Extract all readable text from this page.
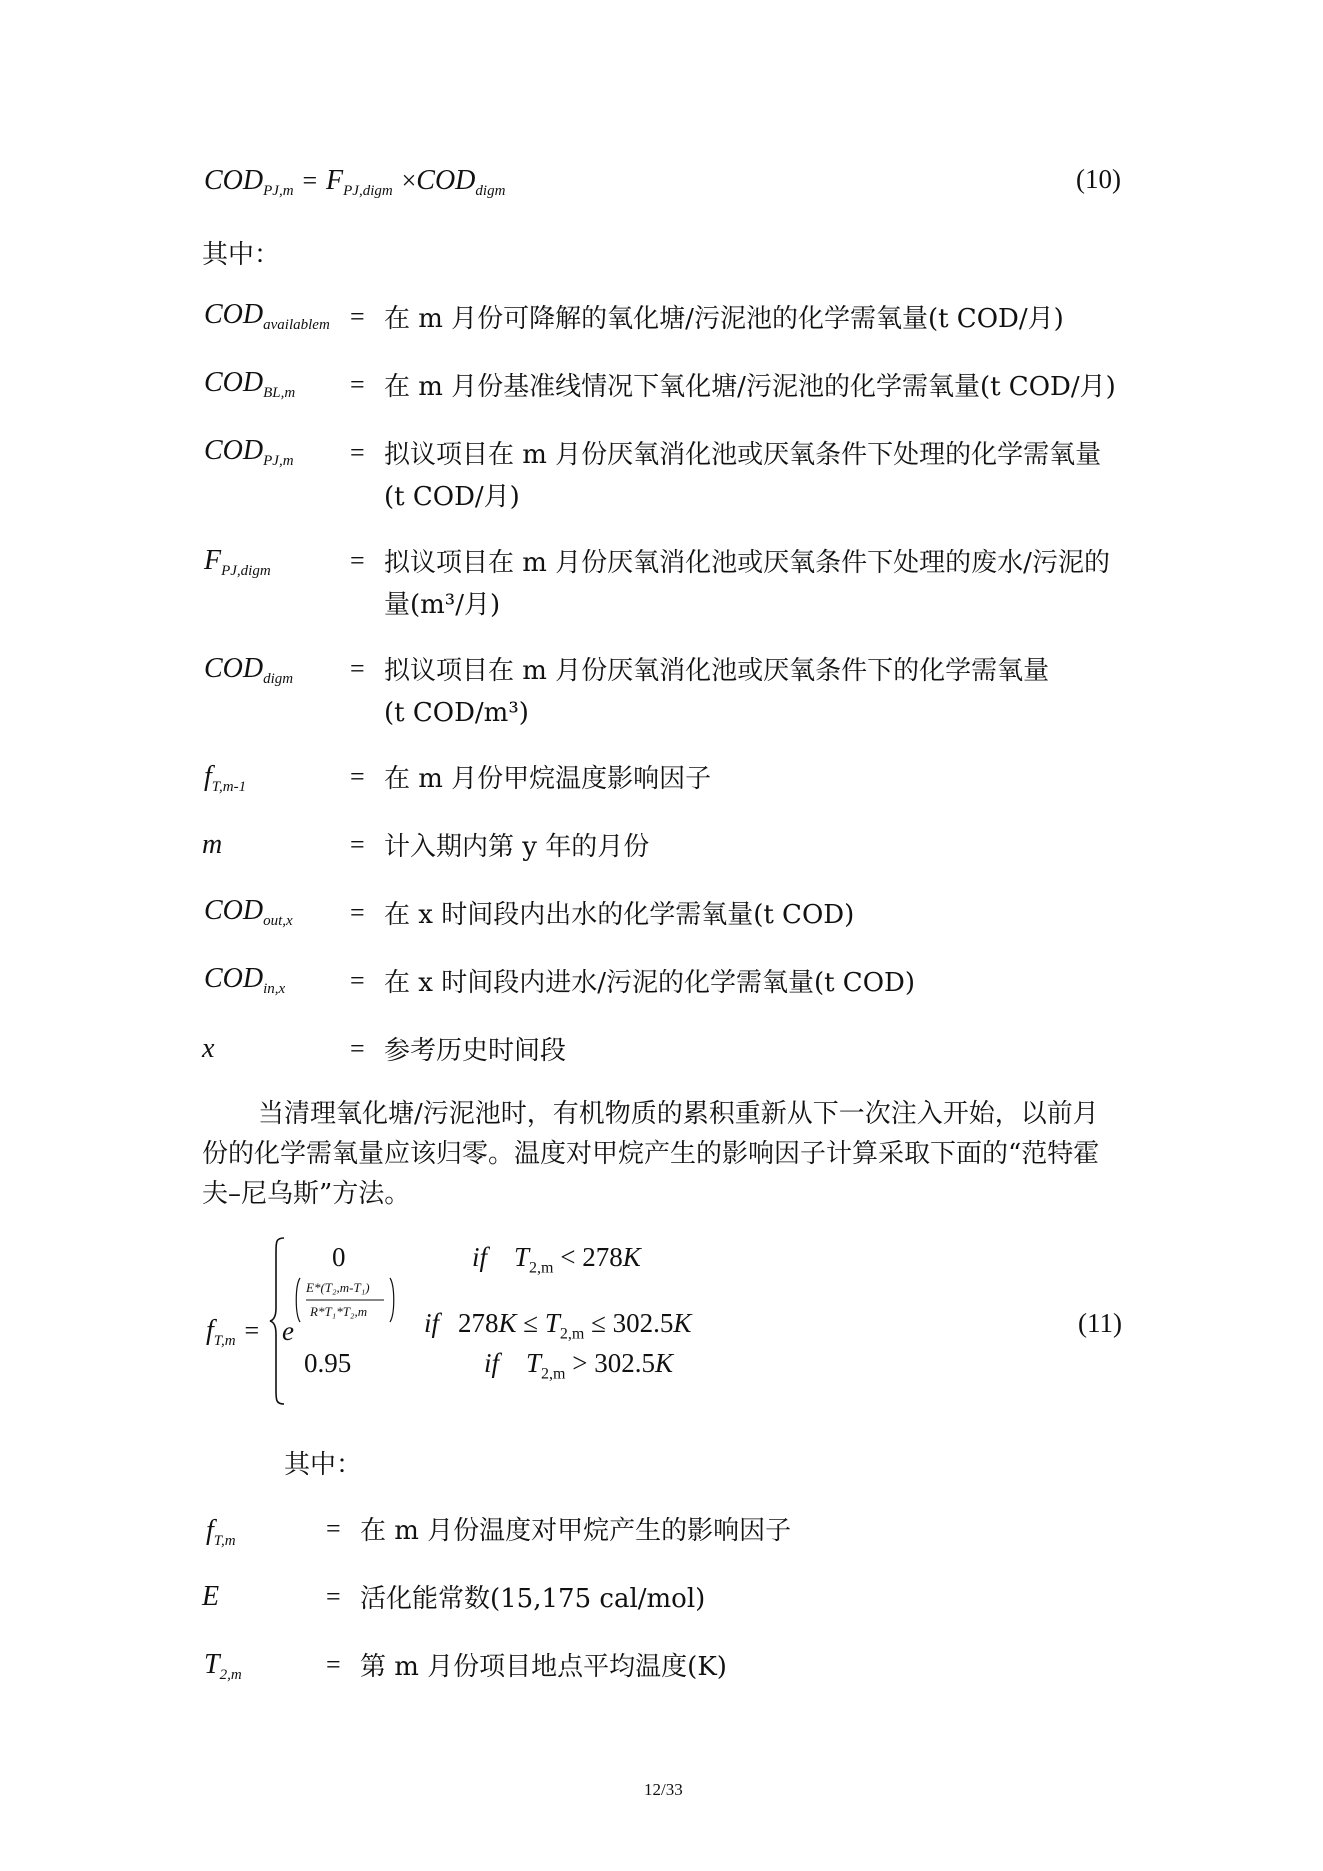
$COD_{PJ,m} = F_{PJ,digm} \times COD_{digm}$	(10)
其中：
$COD_{availablem}$ = 在 m 月份可降解的氧化塘/污泥池的化学需氧量(t COD/月)
$COD_{BL,m}$ = 在 m 月份基准线情况下氧化塘/污泥池的化学需氧量(t COD/月)
$COD_{PJ,m}$ = 拟议项目在 m 月份厌氧消化池或厌氧条件下处理的化学需氧量
(t COD/月)
$F_{PJ,digm}$	= 拟议项目在 m 月份厌氧消化池或厌氧条件下处理的废水/污泥的
量(m³/月)
$COD_{digm}$ = 拟议项目在 m 月份厌氧消化池或厌氧条件下的化学需氧量
(t COD/m³)
$f_{T,m-1}$	= 在 m 月份甲烷温度影响因子
m	= 计入期内第 y 年的月份
$COD_{out,x}$ = 在 x 时间段内出水的化学需氧量(t COD)
$COD_{in,x}$ = 在 x 时间段内进水/污泥的化学需氧量(t COD)
x	= 参考历史时间段
当清理氧化塘/污泥池时，有机物质的累积重新从下一次注入开始，以前月
份的化学需氧量应该归零。温度对甲烷产生的影响因子计算采取下面的“范特霍
夫–尼乌斯”方法。
$f_{T,m}$ =
0	if $T_{2,m} < 278K$
e
E*(T₂,m-T₁)
R*T₁*T₂,m if $278K \le T_{2,m} \le 302.5K$
0.95	if $T_{2,m} > 302.5K$
(11)
其中：
$f_{T,m}$	= 在 m 月份温度对甲烷产生的影响因子
E	= 活化能常数(15,175 cal/mol)
$T_{2,m}$	= 第 m 月份项目地点平均温度(K)
12/33
